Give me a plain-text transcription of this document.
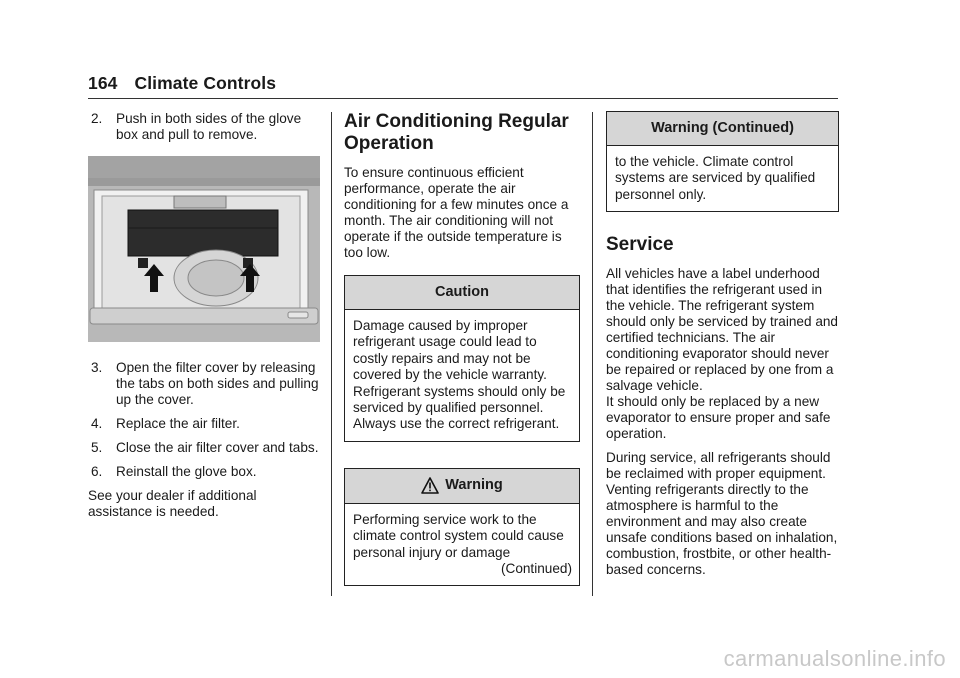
164 Climate Controls
2.	Push in both sides of the glove box and pull to remove.
3.	Open the filter cover by releasing the tabs on both sides and pulling up the cover.
4.	Replace the air filter.
5.	Close the air filter cover and tabs.
6.	Reinstall the glove box.
See your dealer if additional assistance is needed.
Air Conditioning Regular Operation
To ensure continuous efficient performance, operate the air conditioning for a few minutes once a month. The air conditioning will not operate if the outside temperature is too low.
Caution
Damage caused by improper refrigerant usage could lead to costly repairs and may not be covered by the vehicle warranty. Refrigerant systems should only be serviced by qualified personnel. Always use the correct refrigerant.
Warning
Performing service work to the climate control system could cause personal injury or damage
(Continued)
Warning (Continued)
to the vehicle. Climate control systems are serviced by qualified personnel only.
Service
All vehicles have a label underhood that identifies the refrigerant used in the vehicle. The refrigerant system should only be serviced by trained and certified technicians. The air conditioning evaporator should never be repaired or replaced by one from a salvage vehicle.
It should only be replaced by a new evaporator to ensure proper and safe operation.
During service, all refrigerants should be reclaimed with proper equipment. Venting refrigerants directly to the atmosphere is harmful to the environment and may also create unsafe conditions based on inhalation, combustion, frostbite, or other health-based concerns.
carmanualsonline.info
